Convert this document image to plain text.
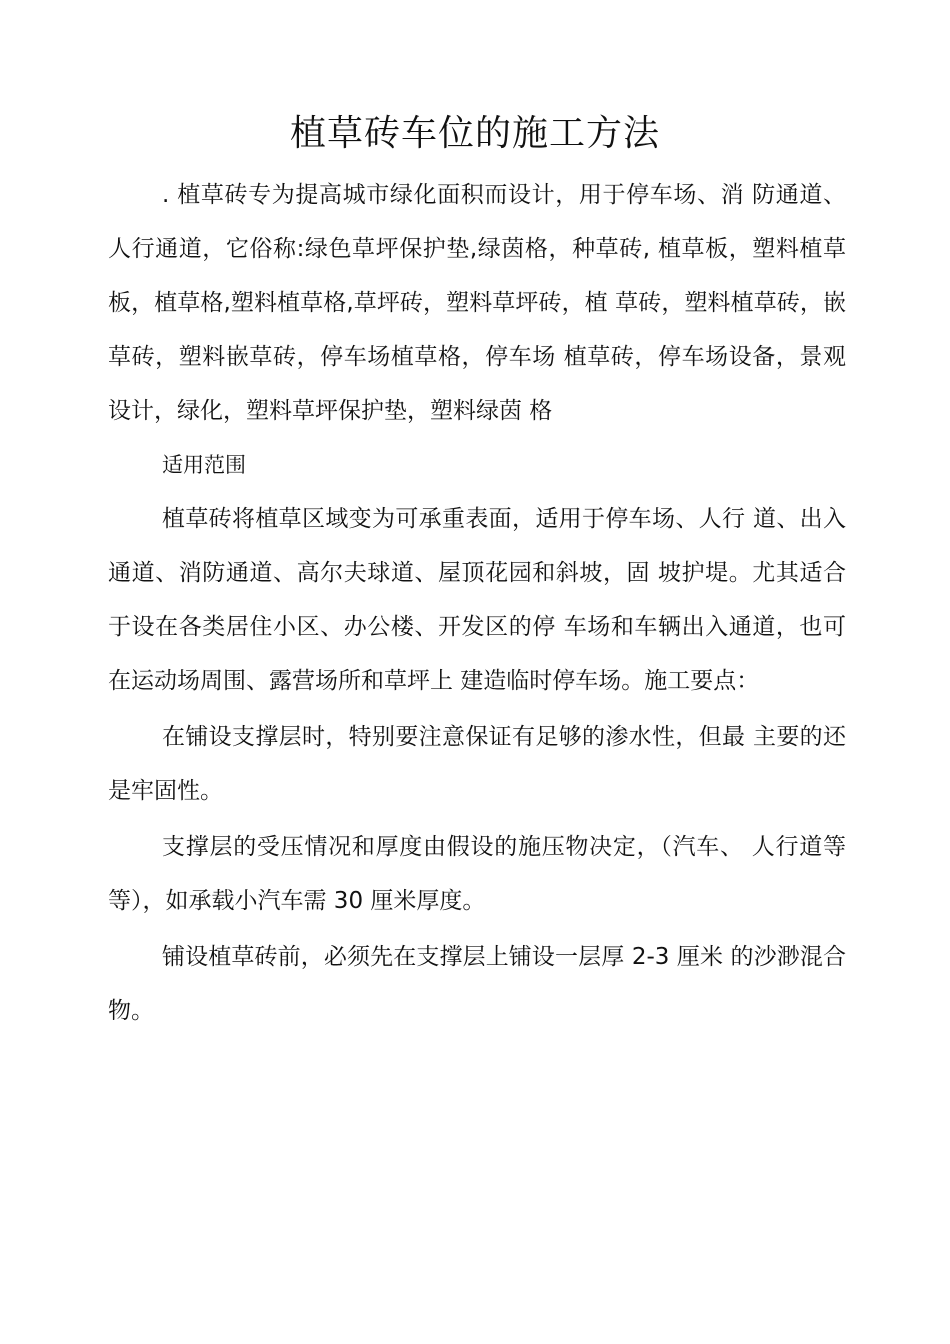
植草砖车位的施工方法

. 植草砖专为提高城市绿化面积而设计，用于停车场、消 防通道、人行通道，它俗称:绿色草坪保护垫,绿茵格，种草砖, 植草板，塑料植草板，植草格,塑料植草格,草坪砖，塑料草坪砖，植 草砖，塑料植草砖，嵌草砖，塑料嵌草砖，停车场植草格，停车场 植草砖，停车场设备，景观设计，绿化，塑料草坪保护垫，塑料绿茵 格

适用范围

植草砖将植草区域变为可承重表面，适用于停车场、人行 道、出入通道、消防通道、高尔夫球道、屋顶花园和斜坡，固 坡护堤。尤其适合于设在各类居住小区、办公楼、开发区的停 车场和车辆出入通道，也可在运动场周围、露营场所和草坪上 建造临时停车场。施工要点：

在铺设支撑层时，特别要注意保证有足够的渗水性，但最 主要的还是牢固性。

支撑层的受压情况和厚度由假设的施压物决定，（汽车、 人行道等等），如承载小汽车需 30 厘米厚度。

铺设植草砖前，必须先在支撑层上铺设一层厚 2-3 厘米 的沙渺混合物。
